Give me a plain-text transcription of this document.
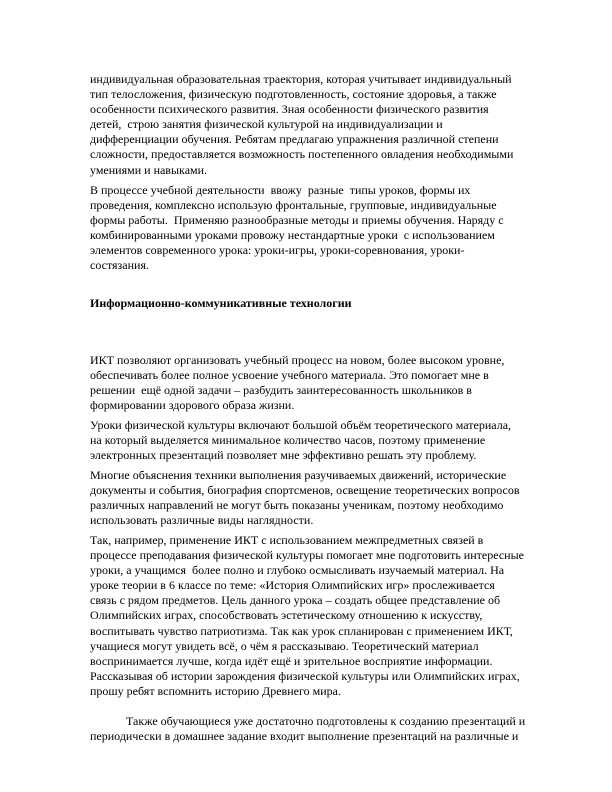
индивидуальная образовательная траектория, которая учитывает индивидуальный
тип телосложения, физическую подготовленность, состояние здоровья, а также
особенности психического развития. Зная особенности физического развития
детей,  строю занятия физической культурой на индивидуализации и
дифференциации обучения. Ребятам предлагаю упражнения различной степени
сложности, предоставляется возможность постепенного овладения необходимыми
умениями и навыками.
В процессе учебной деятельности  ввожу  разные  типы уроков, формы их
проведения, комплексно использую фронтальные, групповые, индивидуальные
формы работы.  Применяю разнообразные методы и приемы обучения. Наряду с
комбинированными уроками провожу нестандартные уроки  с использованием
элементов современного урока: уроки-игры, уроки-соревнования, уроки-
состязания.
Информационно-коммуникативные технологии
ИКТ позволяют организовать учебный процесс на новом, более высоком уровне,
обеспечивать более полное усвоение учебного материала. Это помогает мне в
решении  ещё одной задачи – разбудить заинтересованность школьников в
формировании здорового образа жизни.
Уроки физической культуры включают большой объём теоретического материала,
на который выделяется минимальное количество часов, поэтому применение
электронных презентаций позволяет мне эффективно решать эту проблему.
Многие объяснения техники выполнения разучиваемых движений, исторические
документы и события, биография спортсменов, освещение теоретических вопросов
различных направлений не могут быть показаны ученикам, поэтому необходимо
использовать различные виды наглядности.
Так, например, применение ИКТ с использованием межпредметных связей в
процессе преподавания физической культуры помогает мне подготовить интересные
уроки, а учащимся  более полно и глубоко осмысливать изучаемый материал. На
уроке теории в 6 классе по теме: «История Олимпийских игр» прослеживается
связь с рядом предметов. Цель данного урока – создать общее представление об
Олимпийских играх, способствовать эстетическому отношению к искусству,
воспитывать чувство патриотизма. Так как урок спланирован с применением ИКТ,
учащиеся могут увидеть всё, о чём я рассказываю. Теоретический материал
воспринимается лучше, когда идёт ещё и зрительное восприятие информации.
Рассказывая об истории зарождения физической культуры или Олимпийских играх,
прошу ребят вспомнить историю Древнего мира.
Также обучающиеся уже достаточно подготовлены к созданию презентаций и
периодически в домашнее задание входит выполнение презентаций на различные и
